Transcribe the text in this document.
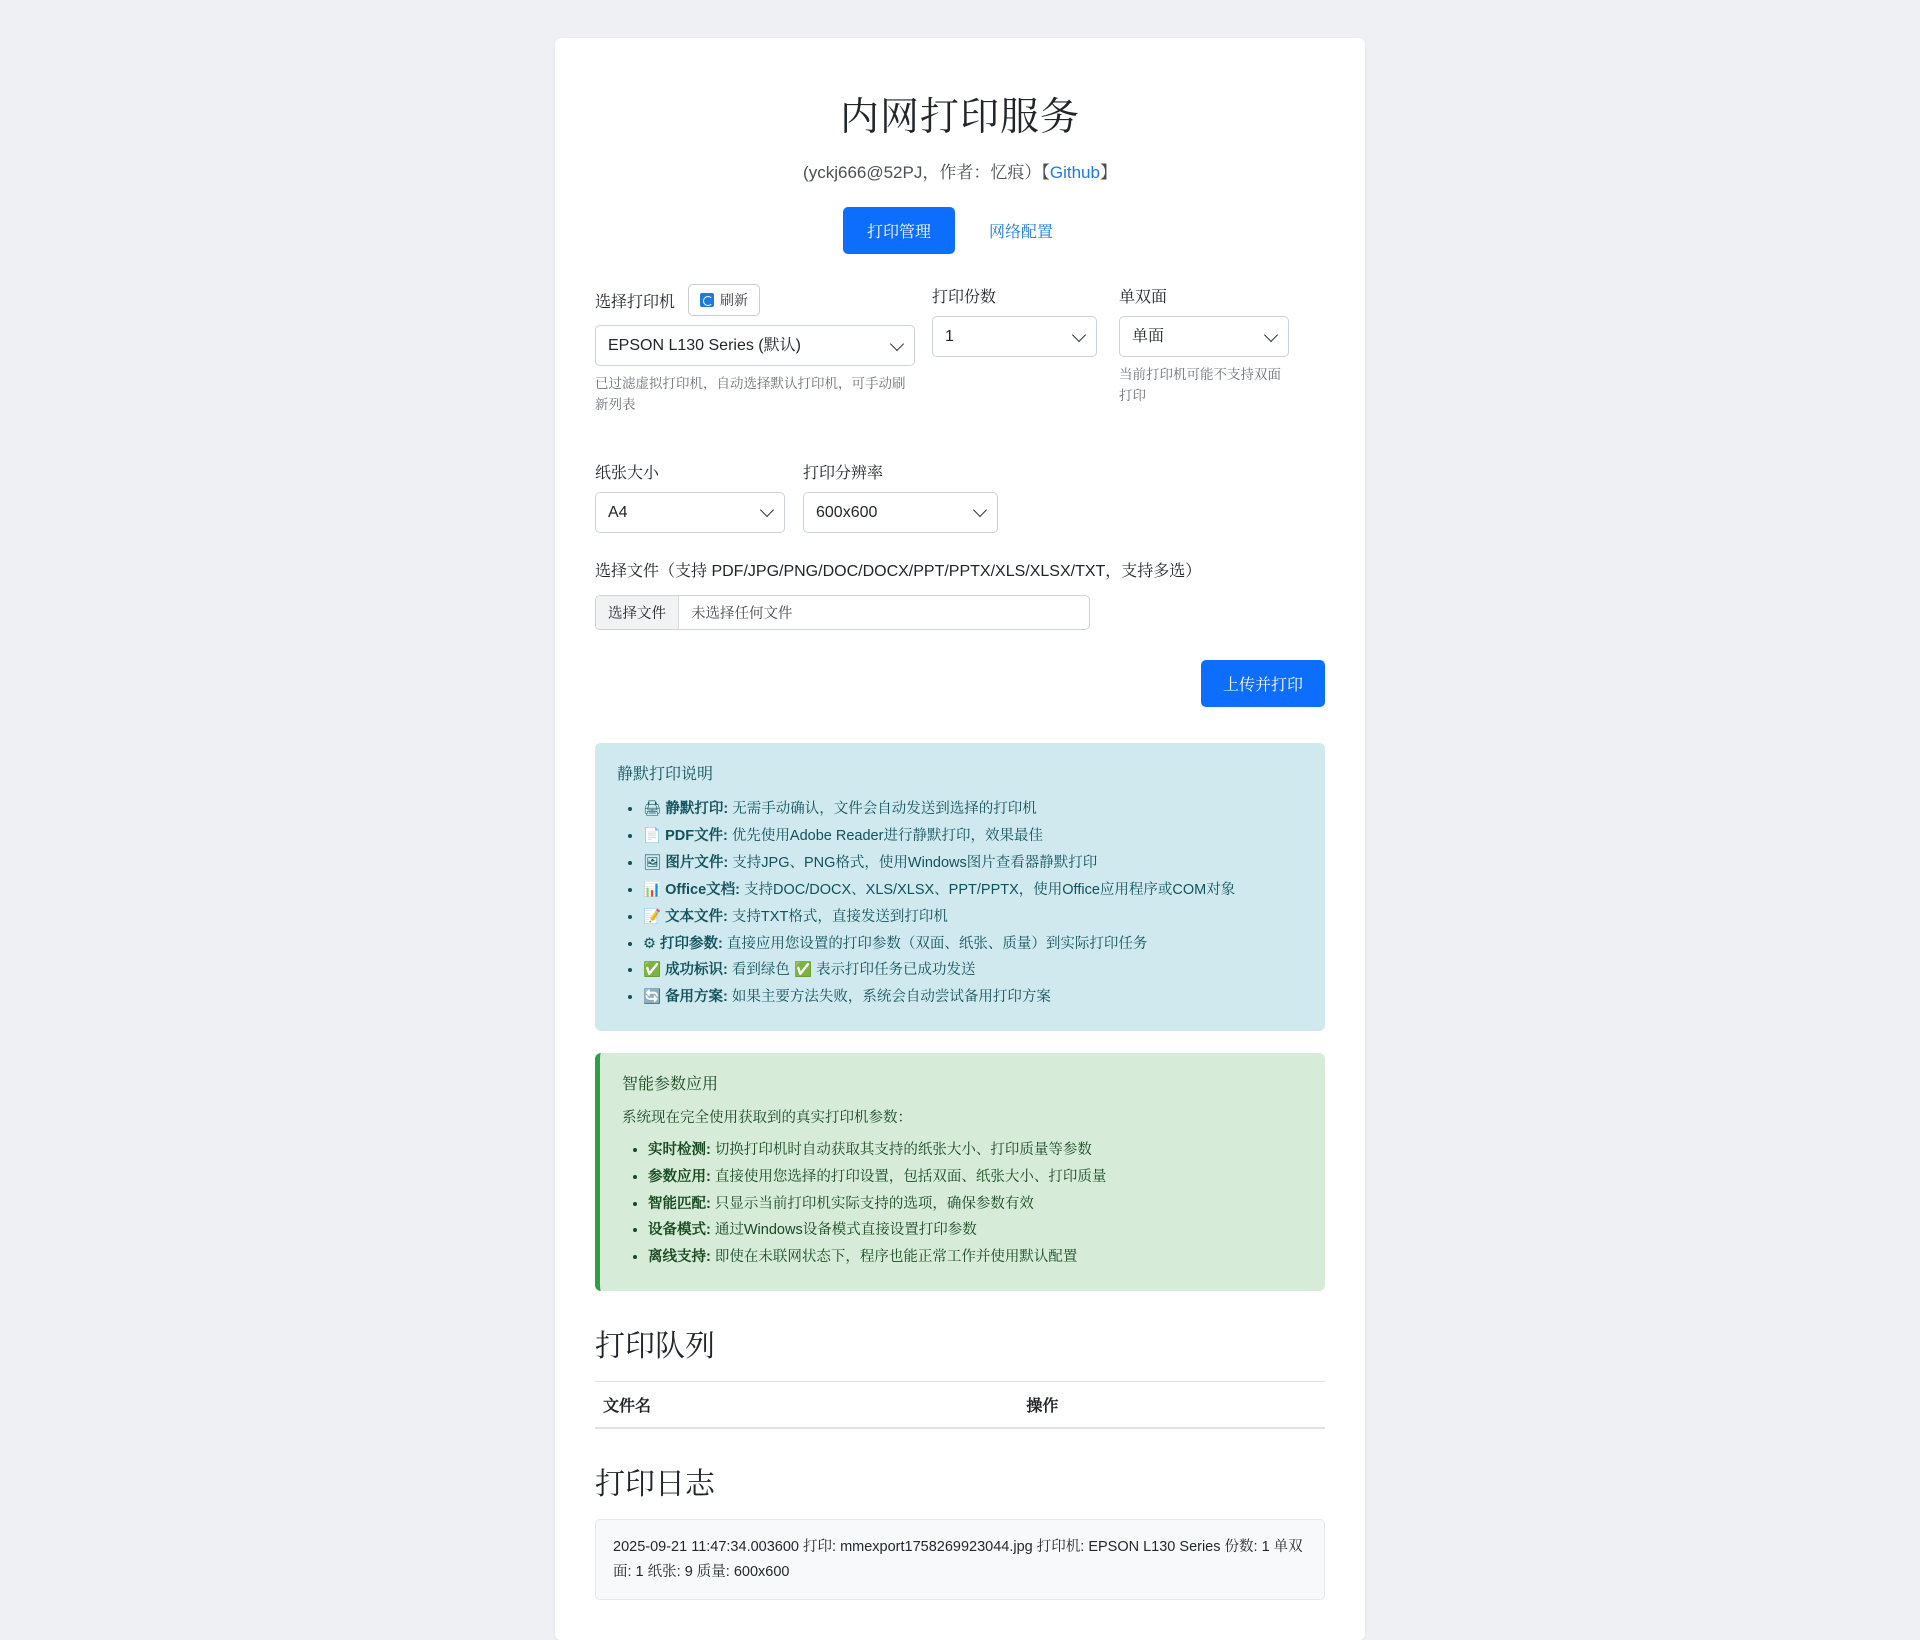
内网打印服务
(yckj666@52PJ，作者：忆痕）【Github】
打印管理	网络配置
选择打印机	刷新
EPSON L130 Series (默认)
已过滤虚拟打印机，自动选择默认打印机，可手动刷新列表
打印份数
1	单双面
单面
当前打印机可能不支持双面打印
纸张大小
A4	打印分辨率
600x600
选择文件（支持 PDF/JPG/PNG/DOC/DOCX/PPT/PPTX/XLS/XLSX/TXT，支持多选）
选择文件	未选择任何文件
上传并打印
静默打印说明
• 🖨 静默打印: 无需手动确认，文件会自动发送到选择的打印机
• 📄 PDF文件: 优先使用Adobe Reader进行静默打印，效果最佳
• 🖼 图片文件: 支持JPG、PNG格式，使用Windows图片查看器静默打印
• 📊 Office文档: 支持DOC/DOCX、XLS/XLSX、PPT/PPTX，使用Office应用程序或COM对象
• 📝 文本文件: 支持TXT格式，直接发送到打印机
• ⚙ 打印参数: 直接应用您设置的打印参数（双面、纸张、质量）到实际打印任务
• ✅ 成功标识: 看到绿色 ✅ 表示打印任务已成功发送
• 🔄 备用方案: 如果主要方法失败，系统会自动尝试备用打印方案
智能参数应用

系统现在完全使用获取到的真实打印机参数：

• 实时检测: 切换打印机时自动获取其支持的纸张大小、打印质量等参数
• 参数应用: 直接使用您选择的打印设置，包括双面、纸张大小、打印质量
• 智能匹配: 只显示当前打印机实际支持的选项，确保参数有效
• 设备模式: 通过Windows设备模式直接设置打印参数
• 离线支持: 即使在未联网状态下，程序也能正常工作并使用默认配置
打印队列
文件名	操作
打印日志
2025-09-21 11:47:34.003600 打印: mmexport1758269923044.jpg 打印机: EPSON L130 Series 份数: 1 单双面: 1 纸张: 9 质量: 600x600
